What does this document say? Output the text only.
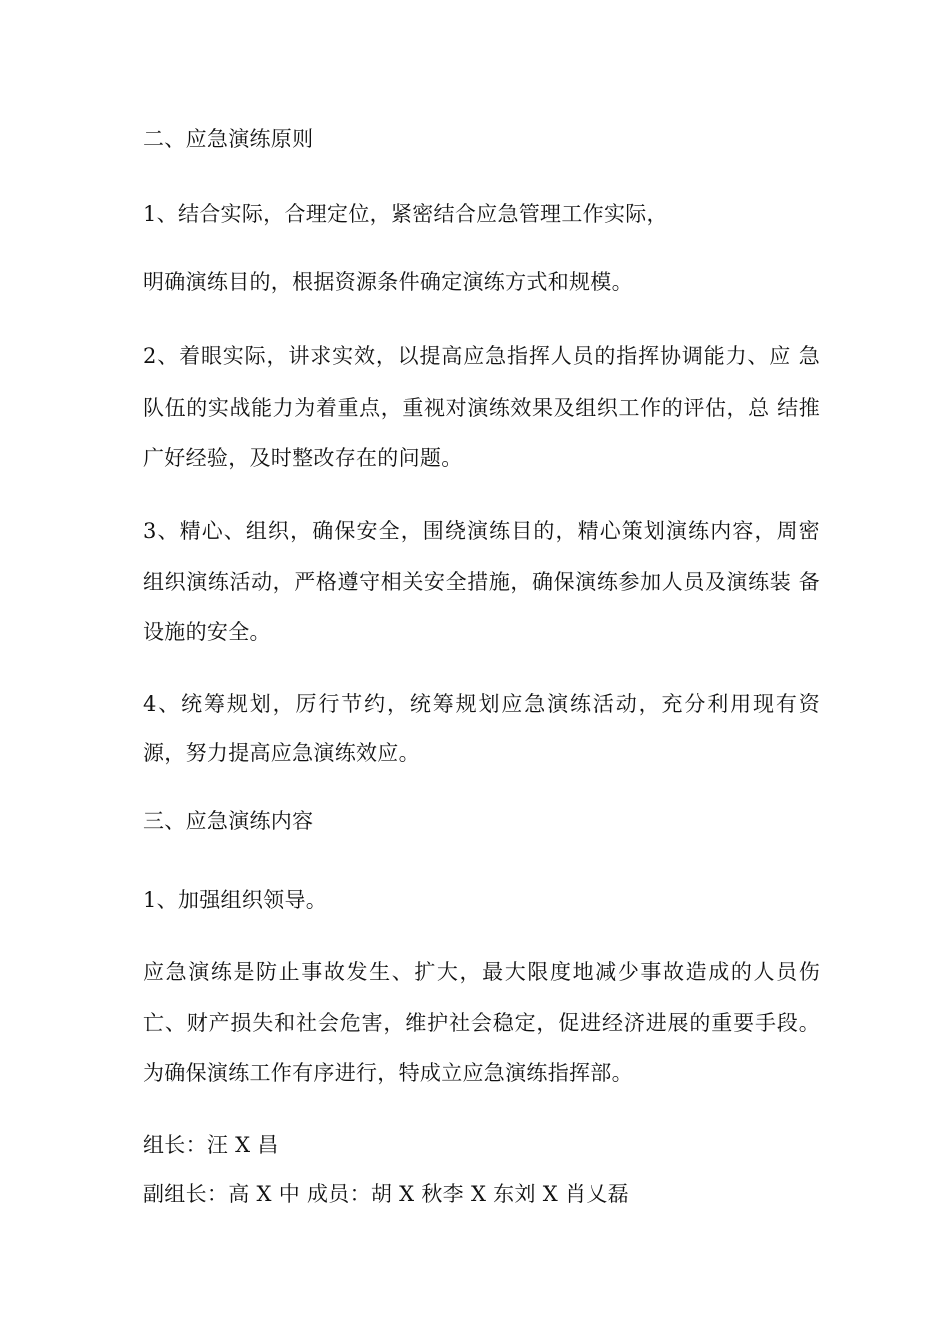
二、应急演练原则
1、结合实际，合理定位，紧密结合应急管理工作实际，
明确演练目的，根据资源条件确定演练方式和规模。
2、着眼实际，讲求实效，以提高应急指挥人员的指挥协调能力、应 急
队伍的实战能力为着重点，重视对演练效果及组织工作的评估，总 结推
广好经验，及时整改存在的问题。
3、精心、组织，确保安全，围绕演练目的，精心策划演练内容，周密
组织演练活动，严格遵守相关安全措施，确保演练参加人员及演练装 备
设施的安全。
4、统筹规划，厉行节约，统筹规划应急演练活动，充分利用现有资
源，努力提高应急演练效应。
三、应急演练内容
1、加强组织领导。
应急演练是防止事故发生、扩大，最大限度地减少事故造成的人员伤
亡、财产损失和社会危害，维护社会稳定，促进经济进展的重要手段。
为确保演练工作有序进行，特成立应急演练指挥部。
组长：汪 X 昌
副组长：高 X 中 成员：胡 X 秋李 X 东刘 X 肖乂磊
